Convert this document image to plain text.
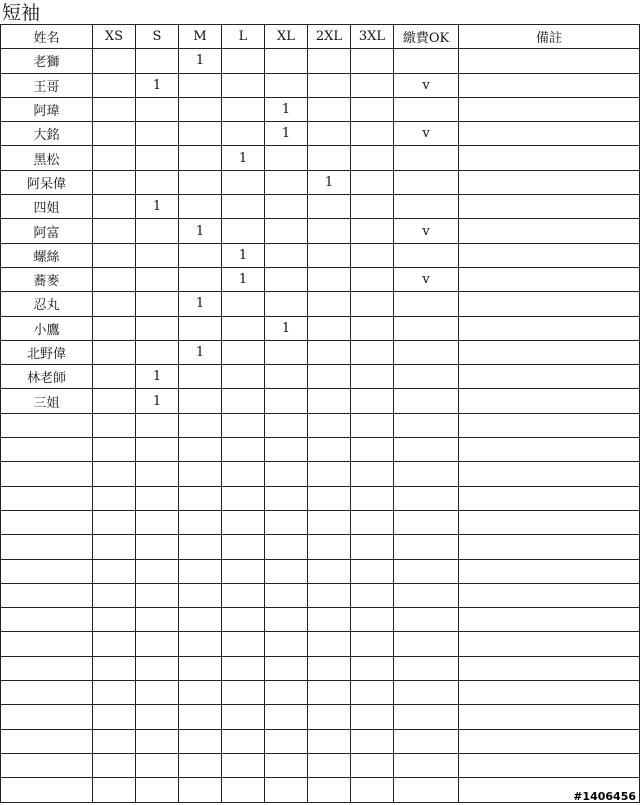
短袖
姓名	XS	S	M	L	XL	2XL	3XL	繳費OK	備註
老獅			1						
王哥		1						v	
阿瑋					1				
大銘					1			v	
黑松				1					
阿呆偉						1			
四姐		1							
阿富			1					v	
螺絲				1					
蕎麥				1				v	
忍丸			1						
小鷹					1				
北野偉			1						
林老師		1							
三姐		1							

#1406456
